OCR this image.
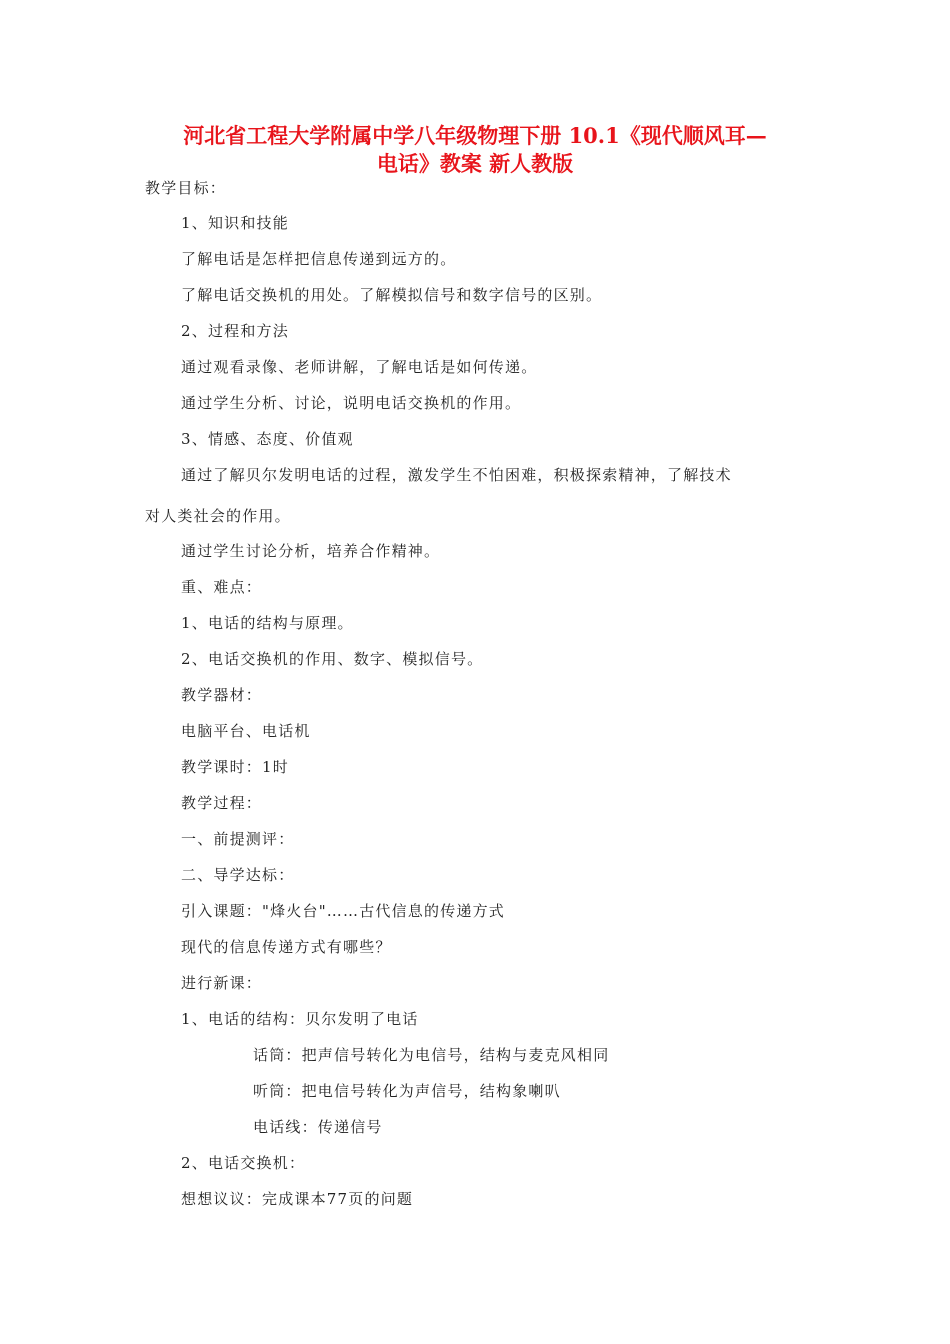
河北省工程大学附属中学八年级物理下册 10.1《现代顺风耳—
电话》教案 新人教版

教学目标：

1、知识和技能

了解电话是怎样把信息传递到远方的。

了解电话交换机的用处。了解模拟信号和数字信号的区别。

2、过程和方法

通过观看录像、老师讲解，了解电话是如何传递。

通过学生分析、讨论，说明电话交换机的作用。

3、情感、态度、价值观

通过了解贝尔发明电话的过程，激发学生不怕困难，积极探索精神，了解技术

对人类社会的作用。

通过学生讨论分析，培养合作精神。

重、难点：

1、电话的结构与原理。

2、电话交换机的作用、数字、模拟信号。

教学器材：

电脑平台、电话机

教学课时：1时

教学过程：

一、前提测评：

二、导学达标：

引入课题："烽火台"……古代信息的传递方式

现代的信息传递方式有哪些？

进行新课：

1、电话的结构：贝尔发明了电话

话筒：把声信号转化为电信号，结构与麦克风相同

听筒：把电信号转化为声信号，结构象喇叭

电话线：传递信号

2、电话交换机：

想想议议：完成课本77页的问题
